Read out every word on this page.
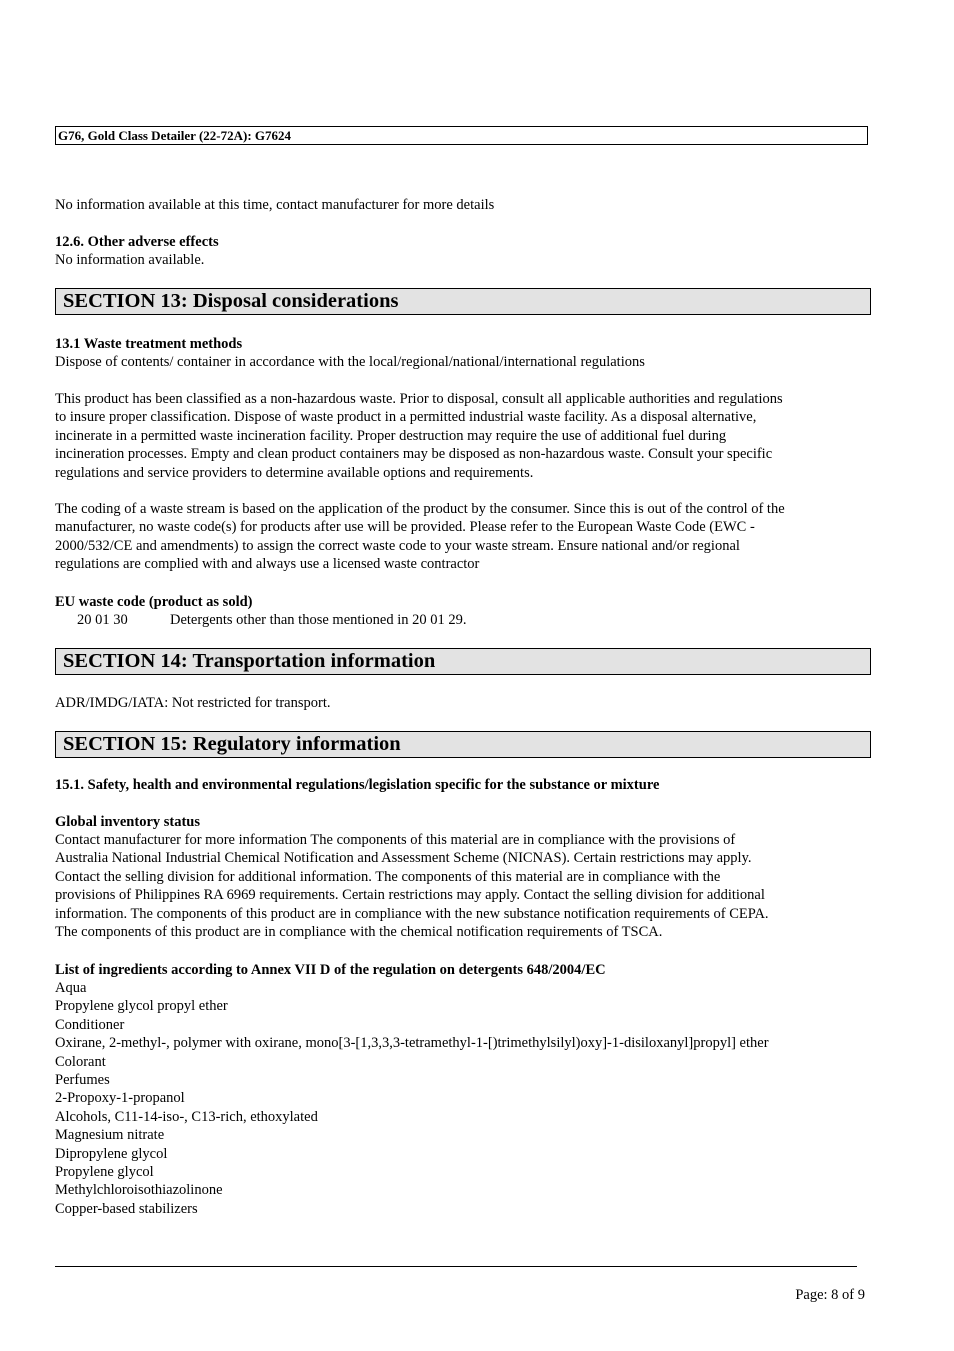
G76, Gold Class Detailer (22-72A): G7624
No information available at this time, contact manufacturer for more details
12.6. Other adverse effects
No information available.
SECTION 13: Disposal considerations
13.1 Waste treatment methods
Dispose of contents/ container in accordance with the local/regional/national/international regulations
This product has been classified as a non-hazardous waste. Prior to disposal, consult all applicable authorities and regulations
to insure proper classification. Dispose of waste product in a permitted industrial waste facility. As a disposal alternative,
incinerate in a permitted waste incineration facility. Proper destruction may require the use of additional fuel during
incineration processes. Empty and clean product containers may be disposed as non-hazardous waste. Consult your specific
regulations and service providers to determine available options and requirements.
The coding of a waste stream is based on the application of the product by the consumer. Since this is out of the control of the
manufacturer, no waste code(s) for products after use will be provided. Please refer to the European Waste Code (EWC -
2000/532/CE and amendments) to assign the correct waste code to your waste stream. Ensure national and/or regional
regulations are complied with and always use a licensed waste contractor
EU waste code (product as sold)
20 01 30	Detergents other than those mentioned in 20 01 29.
SECTION 14: Transportation information
ADR/IMDG/IATA: Not restricted for transport.
SECTION 15: Regulatory information
15.1. Safety, health and environmental regulations/legislation specific for the substance or mixture
Global inventory status
Contact manufacturer for more information The components of this material are in compliance with the provisions of
Australia National Industrial Chemical Notification and Assessment Scheme (NICNAS). Certain restrictions may apply.
Contact the selling division for additional information. The components of this material are in compliance with the
provisions of Philippines RA 6969 requirements. Certain restrictions may apply. Contact the selling division for additional
information. The components of this product are in compliance with the new substance notification requirements of CEPA.
The components of this product are in compliance with the chemical notification requirements of TSCA.
List of ingredients according to Annex VII D of the regulation on detergents 648/2004/EC
Aqua
Propylene glycol propyl ether
Conditioner
Oxirane, 2-methyl-, polymer with oxirane, mono[3-[1,3,3,3-tetramethyl-1-[)trimethylsilyl)oxy]-1-disiloxanyl]propyl] ether
Colorant
Perfumes
2-Propoxy-1-propanol
Alcohols, C11-14-iso-, C13-rich, ethoxylated
Magnesium nitrate
Dipropylene glycol
Propylene glycol
Methylchloroisothiazolinone
Copper-based stabilizers
Page: 8 of 9
